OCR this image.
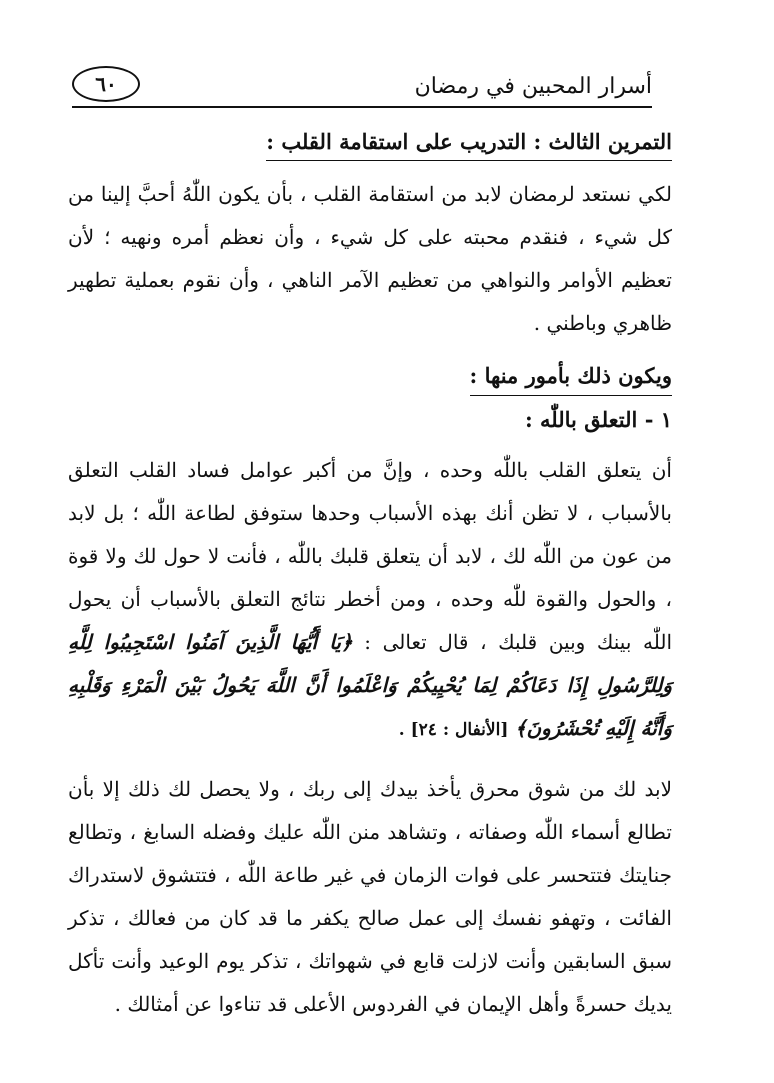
أسرار المحبين في رمضان
٦٠
التمرين الثالث : التدريب على استقامة القلب :

لكي نستعد لرمضان لابد من استقامة القلب ، بأن يكون اللّٰهُ أحبَّ إلينا من كل شيء ، فنقدم محبته على كل شيء ، وأن نعظم أمره ونهيه ؛ لأن تعظيم الأوامر والنواهي من تعظيم الآمر الناهي ، وأن نقوم بعملية تطهير ظاهري وباطني .

ويكون ذلك بأمور منها :
١ - التعلق باللّٰه :

أن يتعلق القلب باللّٰه وحده ، وإنَّ من أكبر عوامل فساد القلب التعلق بالأسباب ، لا تظن أنك بهذه الأسباب وحدها ستوفق لطاعة اللّٰه ؛ بل لابد من عون من اللّٰه لك ، لابد أن يتعلق قلبك باللّٰه ، فأنت لا حول لك ولا قوة ، والحول والقوة للّٰه وحده ، ومن أخطر نتائج التعلق بالأسباب أن يحول اللّٰه بينك وبين قلبك ، قال تعالى : ﴿يَا أَيُّهَا الَّذِينَ آمَنُوا اسْتَجِيبُوا لِلَّهِ وَلِلرَّسُولِ إِذَا دَعَاكُمْ لِمَا يُحْيِيكُمْ وَاعْلَمُوا أَنَّ اللَّهَ يَحُولُ بَيْنَ الْمَرْءِ وَقَلْبِهِ وَأَنَّهُ إِلَيْهِ تُحْشَرُونَ﴾ [الأنفال : ٢٤] .

لابد لك من شوق محرق يأخذ بيدك إلى ربك ، ولا يحصل لك ذلك إلا بأن تطالع أسماء اللّٰه وصفاته ، وتشاهد منن اللّٰه عليك وفضله السابغ ، وتطالع جنايتك فتتحسر على فوات الزمان في غير طاعة اللّٰه ، فتتشوق لاستدراك الفائت ، وتهفو نفسك إلى عمل صالح يكفر ما قد كان من فعالك ، تذكر سبق السابقين وأنت لازلت قابع في شهواتك ، تذكر يوم الوعيد وأنت تأكل يديك حسرةً وأهل الإيمان في الفردوس الأعلى قد تناءوا عن أمثالك .
